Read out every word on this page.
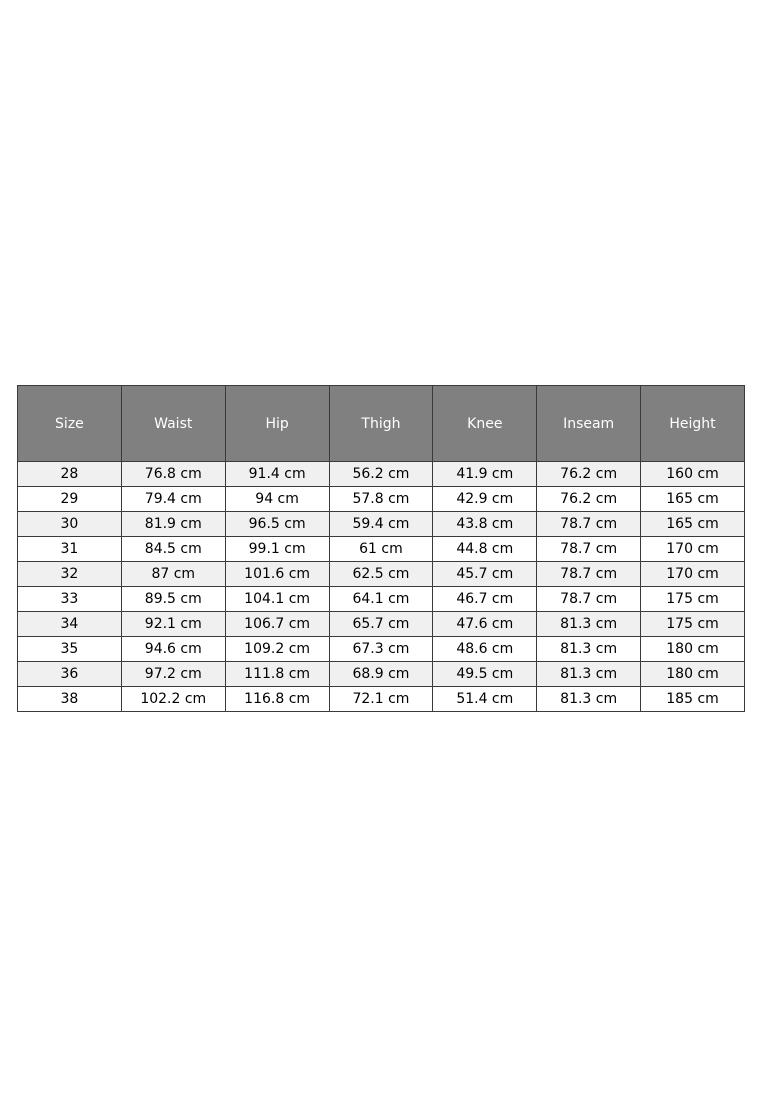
Size	Waist	Hip	Thigh	Knee	Inseam	Height
28	76.8 cm	91.4 cm	56.2 cm	41.9 cm	76.2 cm	160 cm
29	79.4 cm	94 cm	57.8 cm	42.9 cm	76.2 cm	165 cm
30	81.9 cm	96.5 cm	59.4 cm	43.8 cm	78.7 cm	165 cm
31	84.5 cm	99.1 cm	61 cm	44.8 cm	78.7 cm	170 cm
32	87 cm	101.6 cm	62.5 cm	45.7 cm	78.7 cm	170 cm
33	89.5 cm	104.1 cm	64.1 cm	46.7 cm	78.7 cm	175 cm
34	92.1 cm	106.7 cm	65.7 cm	47.6 cm	81.3 cm	175 cm
35	94.6 cm	109.2 cm	67.3 cm	48.6 cm	81.3 cm	180 cm
36	97.2 cm	111.8 cm	68.9 cm	49.5 cm	81.3 cm	180 cm
38	102.2 cm	116.8 cm	72.1 cm	51.4 cm	81.3 cm	185 cm
